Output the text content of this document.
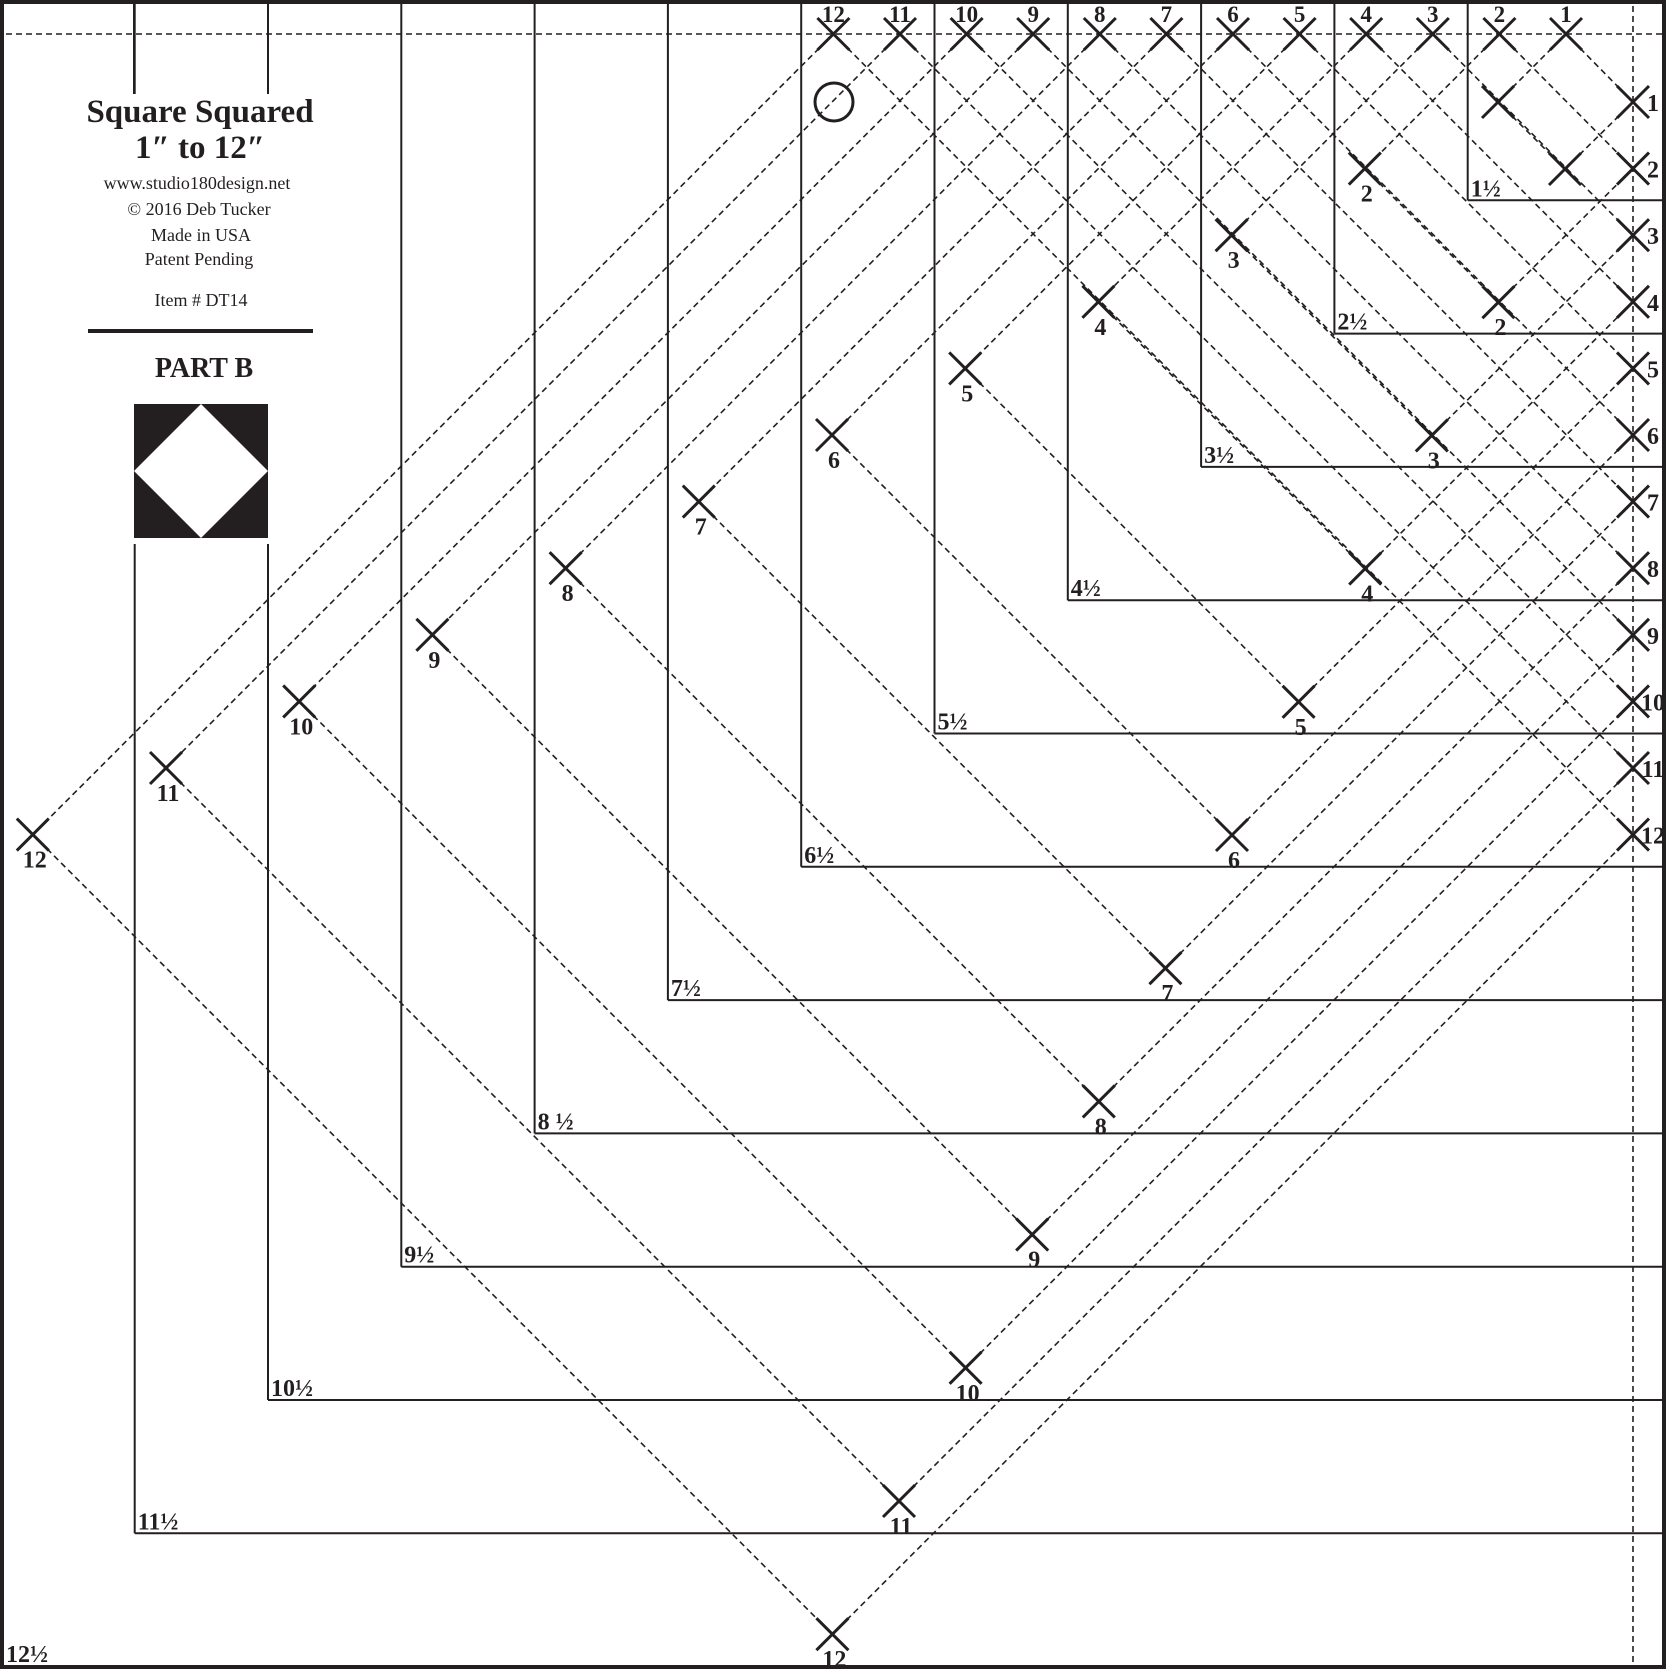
1
1
2
2
2
2
3
3
3
3
4
4
4
4
5
5
5
5
6
6
6
6
7
7
7
7
8
8
8
8
9
9
9
9
10
10
10
10
11
11
11
11
12
12
12
12
1½
2½
3½
4½
5½
6½
7½
8 ½
9½
10½
11½
12½
Square Squared
1″ to 12″
www.studio180design.net
© 2016 Deb Tucker
Made in USA
Patent Pending
Item # DT14
PART B
